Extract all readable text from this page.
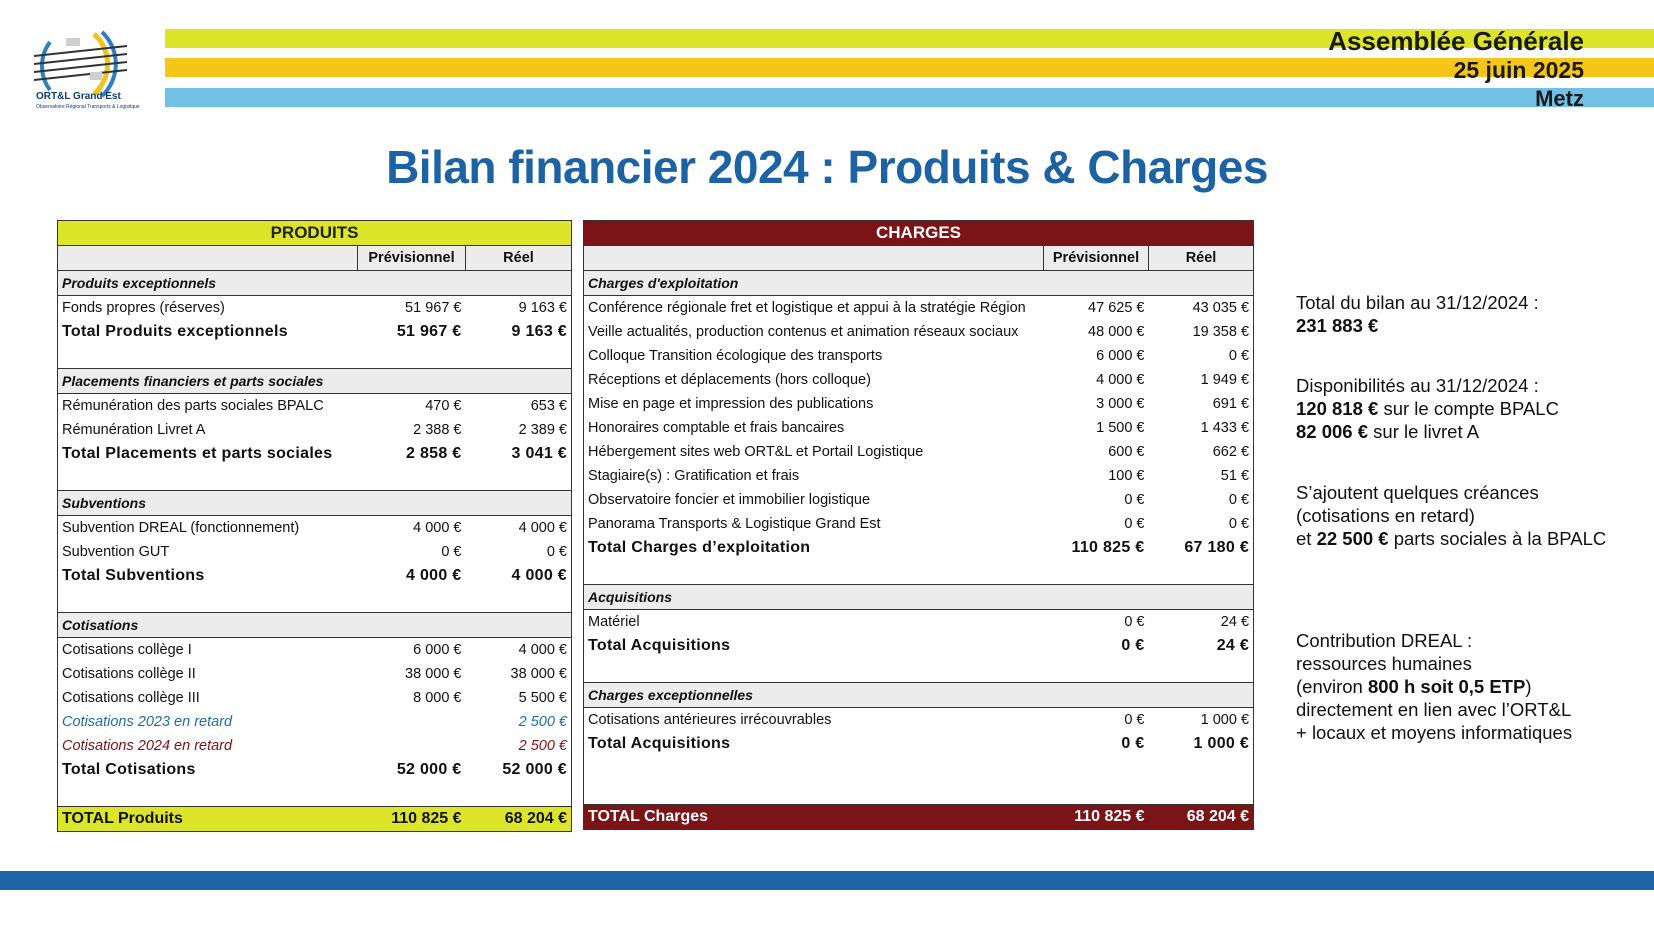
Assemblée Générale
25 juin 2025
Metz
ORT&L Grand Est
Observatoire Régional Transports & Logistique
Bilan financier 2024 : Produits & Charges
PRODUITS		
	Prévisionnel	Réel
Produits exceptionnels		
Fonds propres (réserves)	51 967 €	9 163 €
Total Produits exceptionnels	51 967 €	9 163 €

Placements financiers et parts sociales		
Rémunération des parts sociales BPALC	470 €	653 €
Rémunération Livret A	2 388 €	2 389 €
Total Placements et parts sociales	2 858 €	3 041 €

Subventions		
Subvention DREAL (fonctionnement)	4 000 €	4 000 €
Subvention GUT	0 €	0 €
Total Subventions	4 000 €	4 000 €

Cotisations		
Cotisations collège I	6 000 €	4 000 €
Cotisations collège II	38 000 €	38 000 €
Cotisations collège III	8 000 €	5 500 €
Cotisations 2023 en retard		2 500 €
Cotisations 2024 en retard		2 500 €
Total Cotisations	52 000 €	52 000 €

TOTAL Produits	110 825 €	68 204 €
CHARGES		
	Prévisionnel	Réel
Charges d'exploitation		
Conférence régionale fret et logistique et appui à la stratégie Région	47 625 €	43 035 €
Veille actualités, production contenus et animation réseaux sociaux	48 000 €	19 358 €
Colloque Transition écologique des transports	6 000 €	0 €
Réceptions et déplacements (hors colloque)	4 000 €	1 949 €
Mise en page et impression des publications	3 000 €	691 €
Honoraires comptable et frais bancaires	1 500 €	1 433 €
Hébergement sites web ORT&L et Portail Logistique	600 €	662 €
Stagiaire(s) : Gratification et frais	100 €	51 €
Observatoire foncier et immobilier logistique	0 €	0 €
Panorama Transports & Logistique Grand Est	0 €	0 €
Total Charges d’exploitation	110 825 €	67 180 €

Acquisitions		
Matériel	0 €	24 €
Total Acquisitions	0 €	24 €

Charges exceptionnelles		
Cotisations antérieures irrécouvrables	0 €	1 000 €
Total Acquisitions	0 €	1 000 €

TOTAL Charges	110 825 €	68 204 €
Total du bilan au 31/12/2024 :
231 883 €
Disponibilités au 31/12/2024 :
120 818 € sur le compte BPALC
82 006 € sur le livret A
S’ajoutent quelques créances
(cotisations en retard)
et 22 500 € parts sociales à la BPALC
Contribution DREAL :
ressources humaines
(environ 800 h soit 0,5 ETP)
directement en lien avec l’ORT&L
+ locaux et moyens informatiques
